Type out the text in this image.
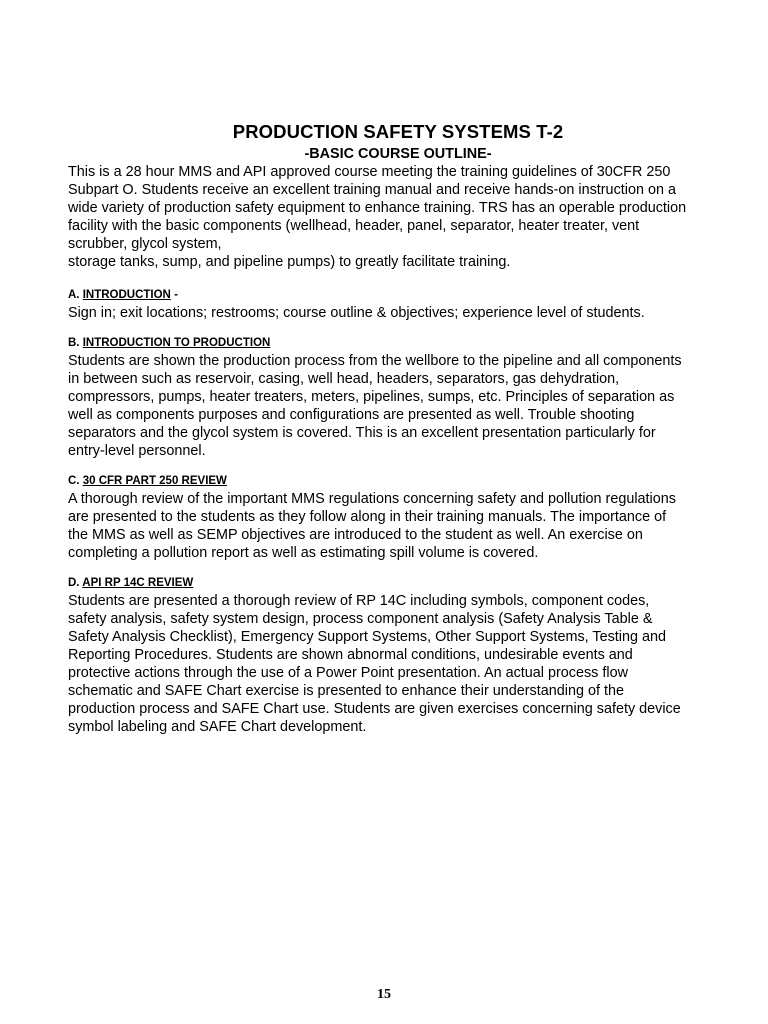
PRODUCTION SAFETY SYSTEMS T-2
-BASIC COURSE OUTLINE-
This is a 28 hour MMS and API approved course meeting the training guidelines of 30CFR 250
Subpart O. Students receive an excellent training manual and receive hands-on instruction on a
wide variety of production safety equipment to enhance training. TRS has an operable production
facility with the basic components (wellhead, header, panel, separator, heater treater, vent
scrubber, glycol system,
storage tanks, sump, and pipeline pumps) to greatly facilitate training.
A. INTRODUCTION -
Sign in; exit locations; restrooms; course outline & objectives; experience level of students.
B. INTRODUCTION TO PRODUCTION
Students are shown the production process from the wellbore to the pipeline and all components
in between such as reservoir, casing, well head, headers, separators, gas dehydration,
compressors, pumps, heater treaters, meters, pipelines, sumps, etc. Principles of separation as
well as components purposes and configurations are presented as well. Trouble shooting
separators and the glycol system is covered. This is an excellent presentation particularly for
entry-level personnel.
C. 30 CFR PART 250 REVIEW
A thorough review of the important MMS regulations concerning safety and pollution regulations
are presented to the students as they follow along in their training manuals. The importance of
the MMS as well as SEMP objectives are introduced to the student as well. An exercise on
completing a pollution report as well as estimating spill volume is covered.
D. API RP 14C REVIEW
Students are presented a thorough review of RP 14C including symbols, component codes,
safety analysis, safety system design, process component analysis (Safety Analysis Table &
Safety Analysis Checklist), Emergency Support Systems, Other Support Systems, Testing and
Reporting Procedures. Students are shown abnormal conditions, undesirable events and
protective actions through the use of a Power Point presentation. An actual process flow
schematic and SAFE Chart exercise is presented to enhance their understanding of the
production process and SAFE Chart use. Students are given exercises concerning safety device
symbol labeling and SAFE Chart development.
15
